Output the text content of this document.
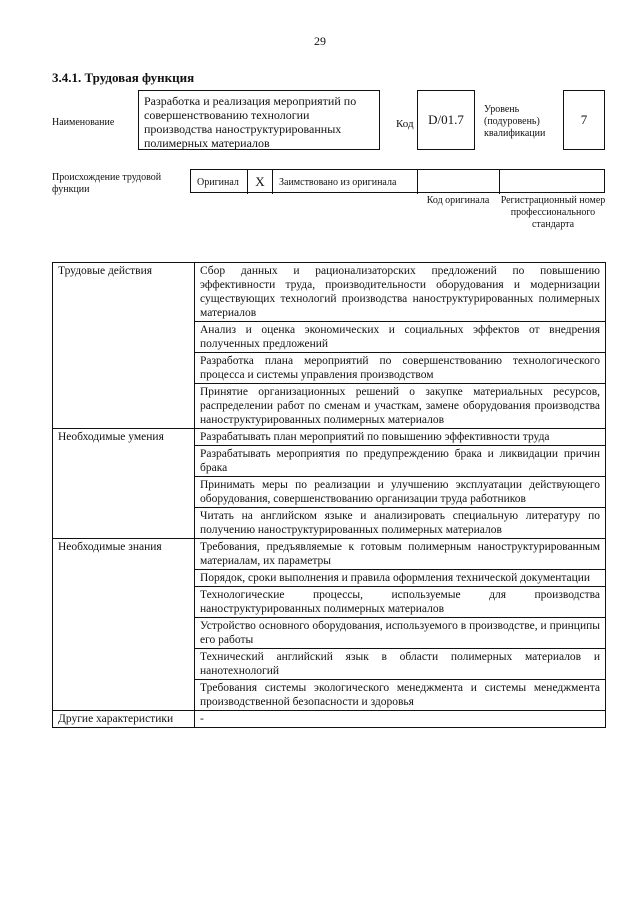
29
3.4.1. Трудовая функция
Наименование
Разработка и реализация мероприятий по совершенствованию технологии производства наноструктурированных полимерных материалов
Код	D/01.7
Уровень (подуровень) квалификации
7
Происхождение трудовой функции
Оригинал	X	Заимствовано из оригинала
Код оригинала	Регистрационный номер профессионального стандарта
Трудовые действия	Сбор данных и рационализаторских предложений по повышению эффективности труда, производительности оборудования и модернизации существующих технологий производства наноструктурированных полимерных материалов
	Анализ и оценка экономических и социальных эффектов от внедрения полученных предложений
	Разработка плана мероприятий по совершенствованию технологического процесса и системы управления производством
	Принятие организационных решений о закупке материальных ресурсов, распределении работ по сменам и участкам, замене оборудования производства наноструктурированных полимерных материалов
Необходимые умения	Разрабатывать план мероприятий по повышению эффективности труда
	Разрабатывать мероприятия по предупреждению брака и ликвидации причин брака
	Принимать меры по реализации и улучшению эксплуатации действующего оборудования, совершенствованию организации труда работников
	Читать на английском языке и анализировать специальную литературу по получению наноструктурированных полимерных материалов
Необходимые знания	Требования, предъявляемые к готовым полимерным наноструктурированным материалам, их параметры
	Порядок, сроки выполнения и правила оформления технической документации
	Технологические процессы, используемые для производства наноструктурированных полимерных материалов
	Устройство основного оборудования, используемого в производстве, и принципы его работы
	Технический английский язык в области полимерных материалов и нанотехнологий
	Требования системы экологического менеджмента и системы менеджмента производственной безопасности и здоровья
Другие характеристики	-
